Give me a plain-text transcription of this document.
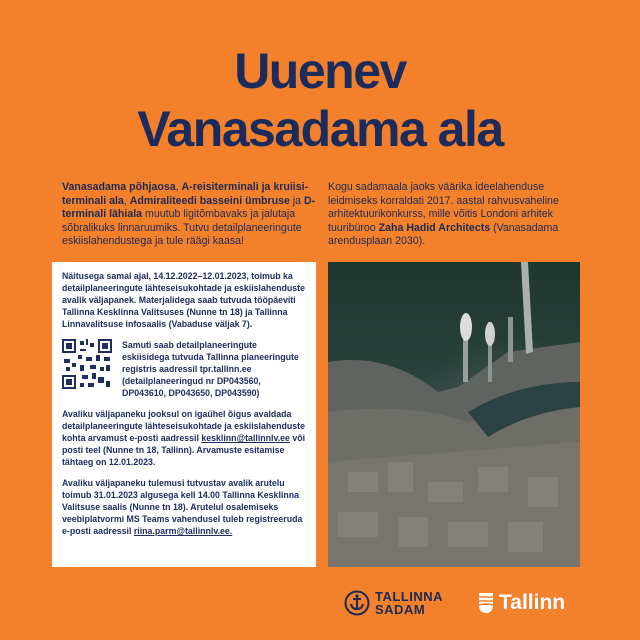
Uuenev
Vanasadama ala
Vanasadama põhjaosa, A-reisiterminali ja kruiisi-terminali ala, Admiraliteedi basseini ümbruse ja D-terminali lähiala muutub ligitõmbavaks ja jalutaja sõbralikuks linnaruumiks. Tutvu detailplaneeringute eskiislahendustega ja tule räägi kaasa!
Kogu sadamaala jaoks väärika ideelahenduse leidmiseks korraldati 2017. aastal rahvusvaheline arhitektuurikonkurss, mille võitis Londoni arhitek tuuribüroo Zaha Hadid Architects (Vanasadama arendusplaan 2030).

Näitusega samal ajal, 14.12.2022–12.01.2023, toimub ka detailplaneeringute lähteseisukohtade ja eskiislahenduste avalik väljapanek. Materjalidega saab tutvuda tööpäeviti Tallinna Kesklinna Valitsuses (Nunne tn 18) ja Tallinna Linnavalitsuse infosaalis (Vabaduse väljak 7).

Samuti saab detailplaneeringute eskiisidega tutvuda Tallinna planeeringute registris aadressil tpr.tallinn.ee (detailplaneeringud nr DP043560, DP043610, DP043650, DP043590)

Avaliku väljapaneku jooksul on igaühel õigus avaldada detailplaneeringute lähteseisukohtade ja eskiislahenduste kohta arvamust e-posti aadressil kesklinn@tallinnlv.ee või posti teel (Nunne tn 18, Tallinn). Arvamuste esitamise tähtaeg on 12.01.2023.

Avaliku väljapaneku tulemusi tutvustav avalik arutelu toimub 31.01.2023 algusega kell 14.00 Tallinna Kesklinna Valitsuse saalis (Nunne tn 18). Arutelul osalemiseks veebiplatvormi MS Teams vahendusel tuleb registreeruda e-posti aadressil riina.parm@tallinnlv.ee.

TALLINNA
SADAM	Tallinn
